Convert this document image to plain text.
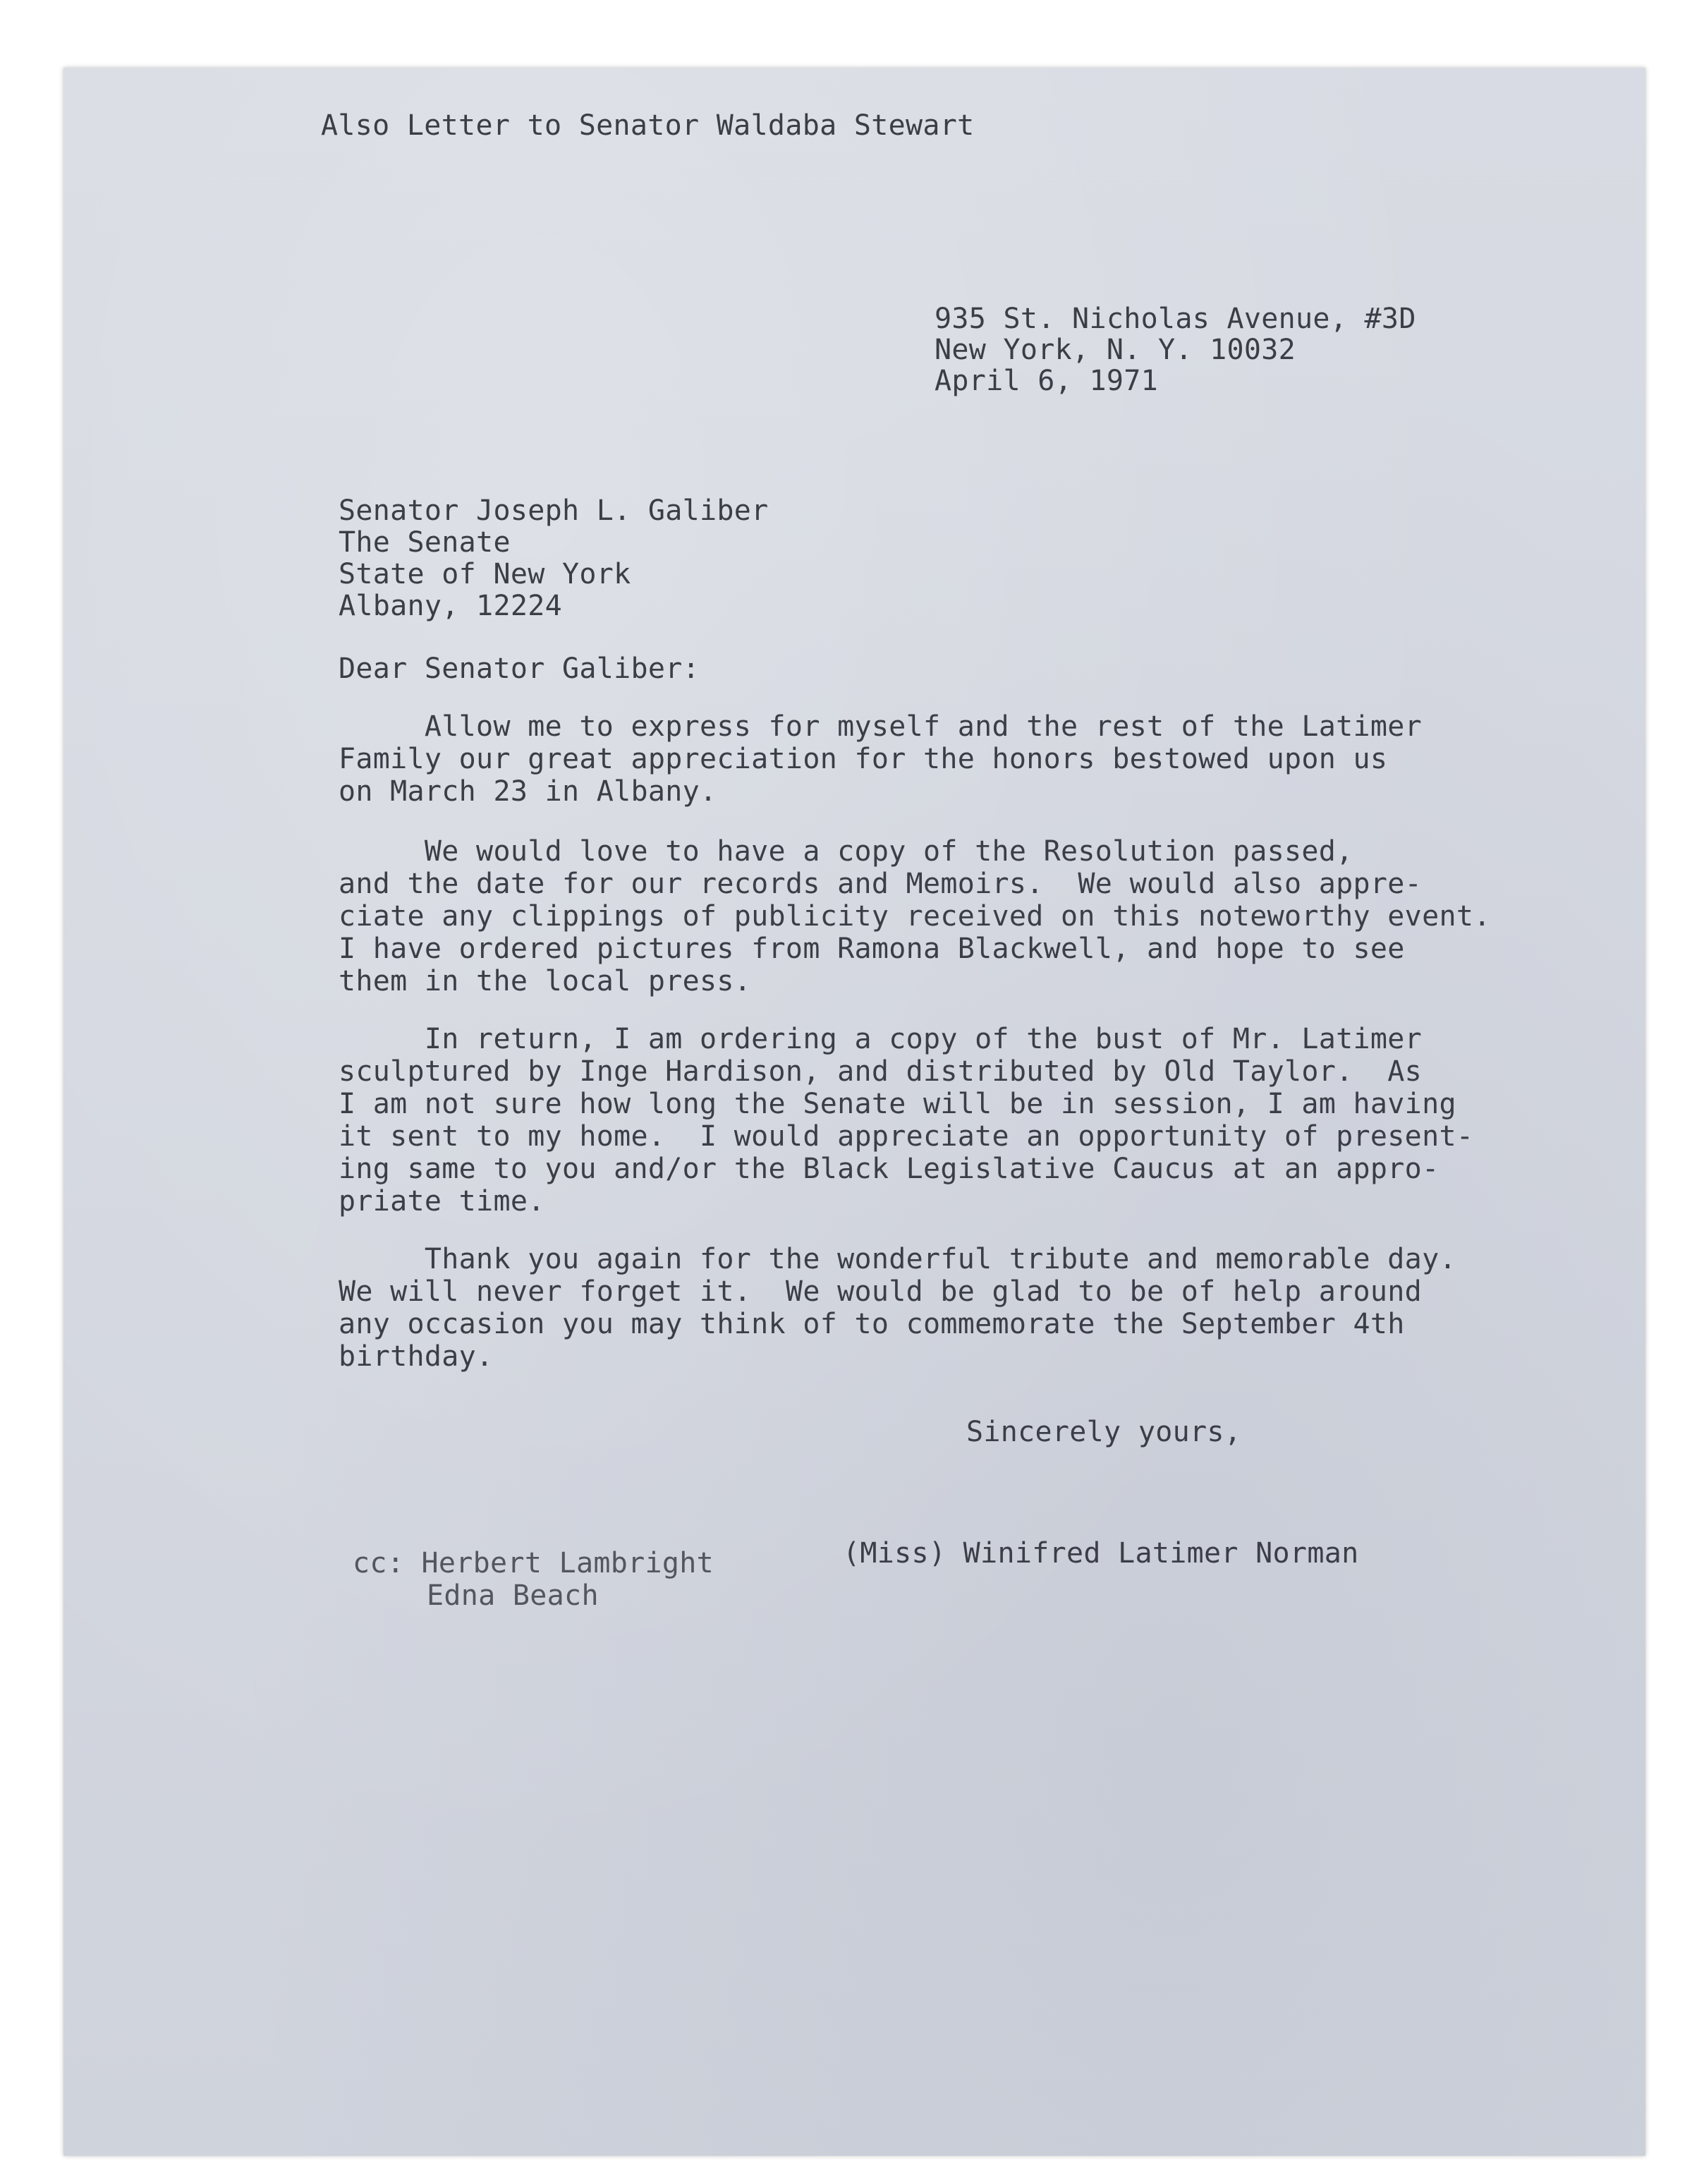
Also Letter to Senator Waldaba Stewart
935 St. Nicholas Avenue, #3D
New York, N. Y. 10032
April 6, 1971
Senator Joseph L. Galiber
The Senate
State of New York
Albany, 12224
Dear Senator Galiber:
Allow me to express for myself and the rest of the Latimer
Family our great appreciation for the honors bestowed upon us
on March 23 in Albany.
We would love to have a copy of the Resolution passed,
and the date for our records and Memoirs.  We would also appre-
ciate any clippings of publicity received on this noteworthy event.
I have ordered pictures from Ramona Blackwell, and hope to see
them in the local press.
In return, I am ordering a copy of the bust of Mr. Latimer
sculptured by Inge Hardison, and distributed by Old Taylor.  As
I am not sure how long the Senate will be in session, I am having
it sent to my home.  I would appreciate an opportunity of present-
ing same to you and/or the Black Legislative Caucus at an appro-
priate time.
Thank you again for the wonderful tribute and memorable day.
We will never forget it.  We would be glad to be of help around
any occasion you may think of to commemorate the September 4th
birthday.
Sincerely yours,
(Miss) Winifred Latimer Norman
cc: Herbert Lambright
Edna Beach
